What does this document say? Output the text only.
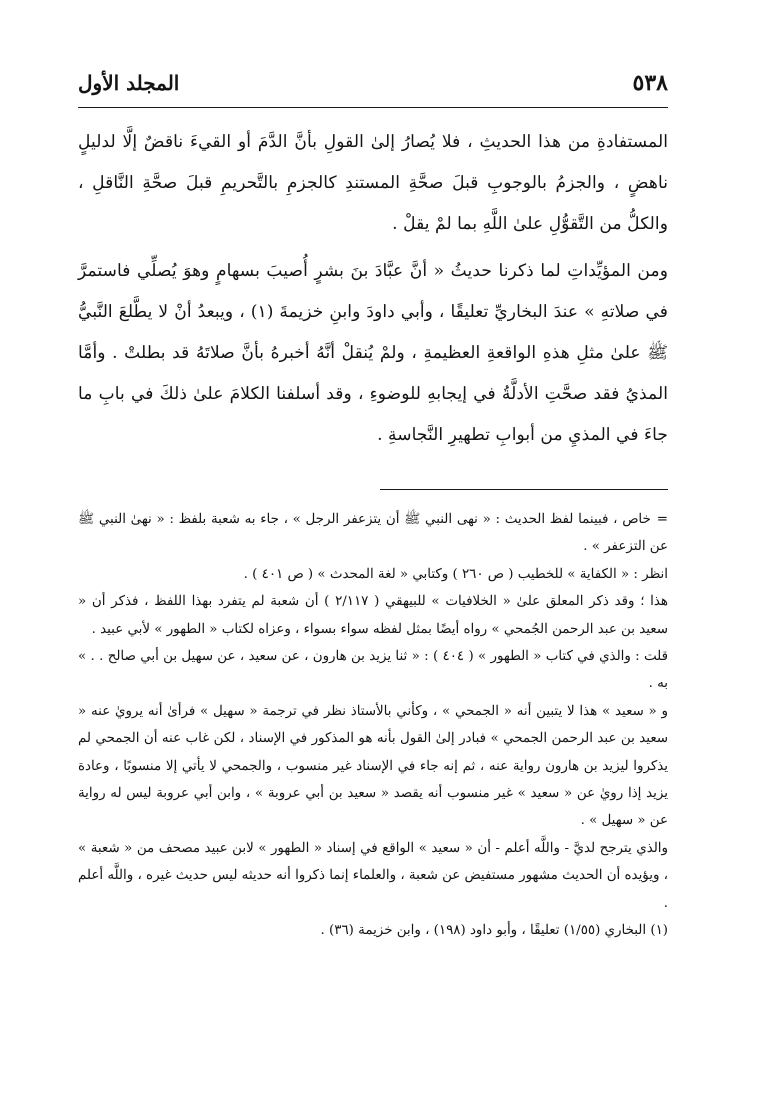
٥٣٨
المجلد الأول

المستفادةِ من هذا الحديثِ ، فلا يُصارُ إلىٰ القولِ بأنَّ الدَّمَ أو القيءَ ناقضٌ إلَّا لدليلٍ ناهضٍ ، والجزمُ بالوجوبِ قبلَ صحَّةِ المستندِ كالجزمِ بالتَّحريمِ قبلَ صحَّةِ النَّاقلِ ، والكلُّ من التَّقوُّلِ علىٰ اللَّهِ بما لمْ يقلْ .

ومن المؤيِّداتِ لما ذكرنا حديثُ « أنَّ عبَّادَ بنَ بشرٍ أُصيبَ بسهامٍ وهوَ يُصلِّي فاستمرَّ في صلاتهِ » عندَ البخاريِّ تعليقًا ، وأبي داودَ وابنِ خزيمةَ (١) ، ويبعدُ أنْ لا يطَّلعَ النَّبيُّ ﷺ علىٰ مثلِ هذهِ الواقعةِ العظيمةِ ، ولمْ يُنقلْ أنَّهُ أخبرهُ بأنَّ صلاتَهُ قد بطلتْ . وأمَّا المذيُ فقد صحَّتِ الأدلَّةُ في إيجابهِ للوضوءِ ، وقد أسلفنا الكلامَ علىٰ ذلكَ في بابِ ما جاءَ في المذيِ من أبوابِ تطهيرِ النَّجاسةِ .

=خاص ، فبينما لفظ الحديث : « نهى النبي ﷺ أن يتزعفر الرجل » ، جاء به شعبة بلفظ : « نهىٰ النبي ﷺ عن التزعفر » .

انظر : « الكفاية » للخطيب ( ص ٢٦٠ ) وكتابي « لغة المحدث » ( ص ٤٠١ ) .

هذا ؛ وقد ذكر المعلق علىٰ « الخلافيات » للبيهقي ( ٢/١١٧ ) أن شعبة لم يتفرد بهذا اللفظ ، فذكر أن « سعيد بن عبد الرحمن الجُمحي » رواه أيضًا بمثل لفظه سواء بسواء ، وعزاه لكتاب « الطهور » لأبي عبيد .

قلت : والذي في كتاب « الطهور » ( ٤٠٤ ) : « ثنا يزيد بن هارون ، عن سعيد ، عن سهيل بن أبي صالح . . » به .

و « سعيد » هذا لا يتبين أنه « الجمحي » ، وكأني بالأستاذ نظر في ترجمة « سهيل » فرأىٰ أنه يرويٰ عنه « سعيد بن عبد الرحمن الجمحي » فبادر إلىٰ القول بأنه هو المذكور في الإسناد ، لكن غاب عنه أن الجمحي لم يذكروا ليزيد بن هارون رواية عنه ، ثم إنه جاء في الإسناد غير منسوب ، والجمحي لا يأتي إلا منسوبًا ، وعادة يزيد إذا رويٰ عن « سعيد » غير منسوب أنه يقصد « سعيد بن أبي عروبة » ، وابن أبي عروبة ليس له رواية عن « سهيل » .

والذي يترجح لديَّ - واللَّه أعلم - أن « سعيد » الواقع في إسناد « الطهور » لابن عبيد مصحف من « شعبة » ، ويؤيده أن الحديث مشهور مستفيض عن شعبة ، والعلماء إنما ذكروا أنه حديثه ليس حديث غيره ، واللَّه أعلم .

(١) البخاري (١/٥٥) تعليقًا ، وأبو داود (١٩٨) ، وابن خزيمة (٣٦) .
